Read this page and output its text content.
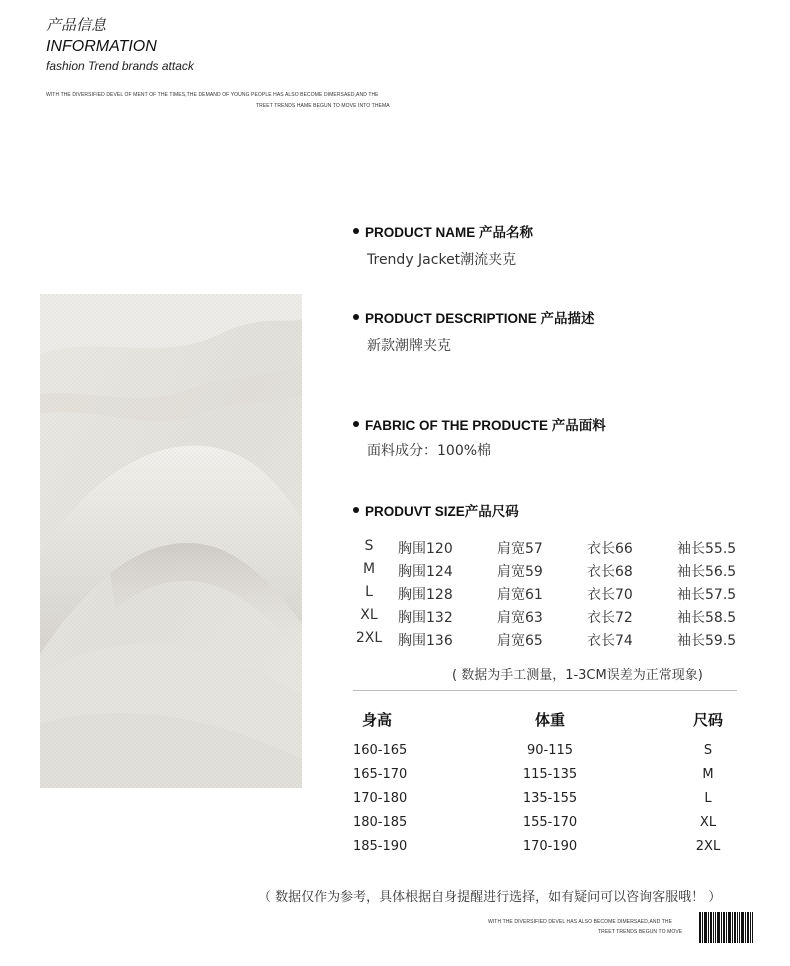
产品信息
INFORMATION
fashion Trend brands attack
WITH THE DIVERSIFIED DEVEL OF MENT OF THE TIMES,THE DEMAND OF YOUNG PEOPLE HAS ALSO BECOME DIMERSAED,AND THE
TREET TRENDS HAME BEGUN TO MOVE INTO THEMA
PRODUCT NAME 产品名称
Trendy Jacket潮流夹克
PRODUCT DESCRIPTIONE 产品描述
新款潮牌夹克
FABRIC OF THE PRODUCTE 产品面料
面料成分：100%棉
PRODUVT SIZE产品尺码
S	胸围120	肩宽57	衣长66	袖长55.5
M	胸围124	肩宽59	衣长68	袖长56.5
L	胸围128	肩宽61	衣长70	袖长57.5
XL	胸围132	肩宽63	衣长72	袖长58.5
2XL 胸围136	肩宽65	衣长74	袖长59.5
( 数据为手工测量，1-3CM误差为正常现象)
身高	体重	尺码
160-165	90-115	S
165-170	115-135	M
170-180	135-155	L
180-185	155-170	XL
185-190	170-190	2XL
（ 数据仅作为参考，具体根据自身提醒进行选择，如有疑问可以咨询客服哦！ ）
WITH THE DIVERSIFIED DEVEL HAS ALSO BECOME DIMERSAED,AND THE
TREET TRENDS BEGUN TO MOVE
